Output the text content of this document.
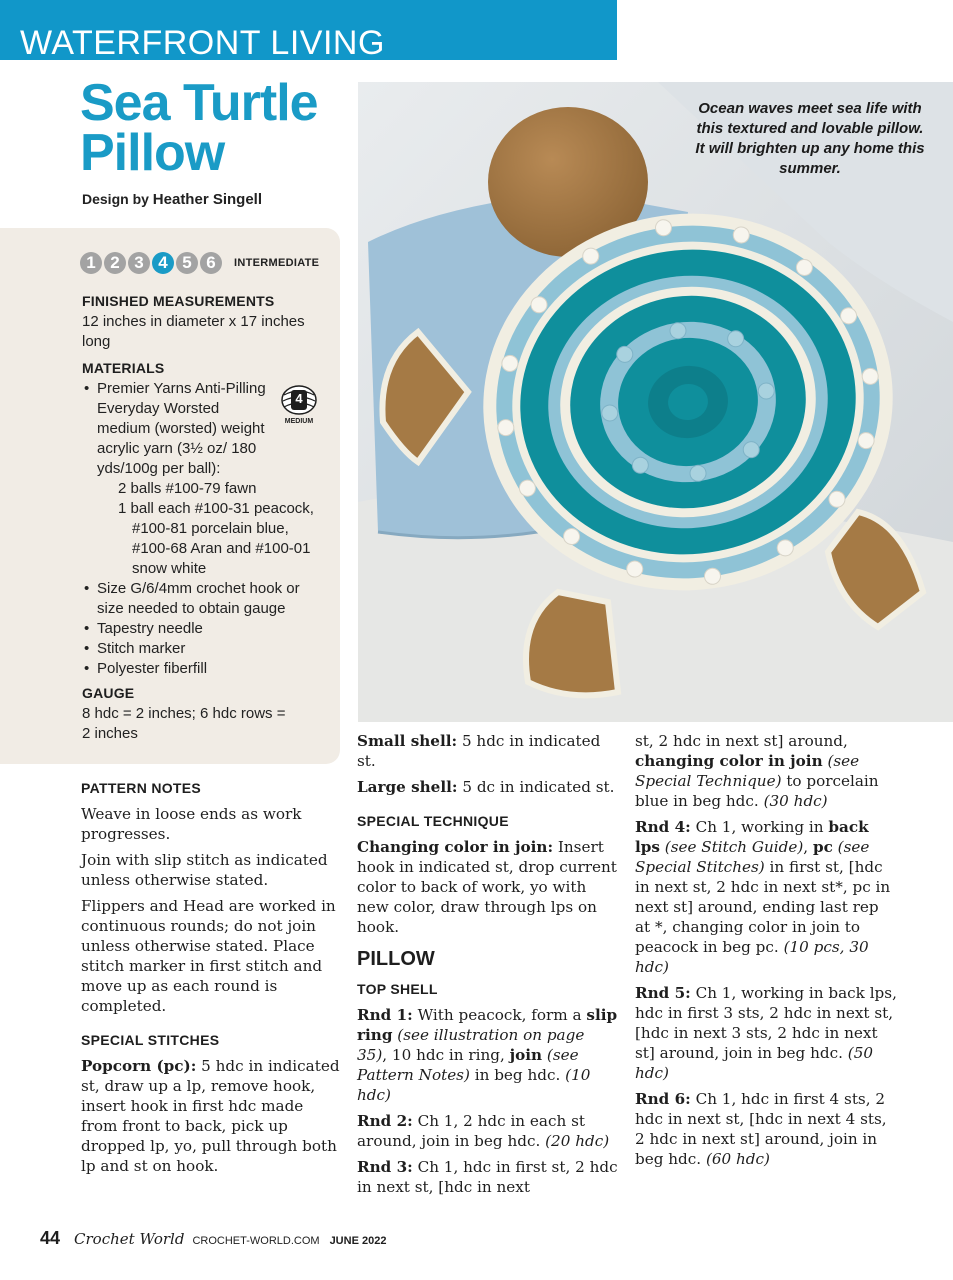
WATERFRONT LIVING
Sea Turtle
Pillow
Design by Heather Singell
1 2 3 4 5 6	INTERMEDIATE
FINISHED MEASUREMENTS
12 inches in diameter x 17 inches
long
MATERIALS
• Premier Yarns Anti-Pilling Everyday Worsted medium (worsted) weight acrylic yarn (3½ oz/ 180 yds/100g per ball):
2 balls #100-79 fawn
1 ball each #100-31 peacock,
#100-81 porcelain blue, #100-68 Aran and #100-01 snow white
• Size G/6/4mm crochet hook or size needed to obtain gauge
• Tapestry needle
• Stitch marker
• Polyester fiberfill
4
MEDIUM
GAUGE
8 hdc = 2 inches; 6 hdc rows =
2 inches
Ocean waves meet sea life with this textured and lovable pillow. It will brighten up any home this summer.
PATTERN NOTES

Weave in loose ends as work progresses.

Join with slip stitch as indicated unless otherwise stated.

Flippers and Head are worked in continuous rounds; do not join unless otherwise stated. Place stitch marker in first stitch and move up as each round is completed.

SPECIAL STITCHES

Popcorn (pc): 5 hdc in indicated st, draw up a lp, remove hook, insert hook in first hdc made from front to back, pick up dropped lp, yo, pull through both lp and st on hook.

Small shell: 5 hdc in indicated st.

Large shell: 5 dc in indicated st.

SPECIAL TECHNIQUE

Changing color in join: Insert hook in indicated st, drop current color to back of work, yo with new color, draw through lps on hook.

PILLOW
TOP SHELL

Rnd 1: With peacock, form a slip ring (see illustration on page 35), 10 hdc in ring, join (see Pattern Notes) in beg hdc. (10 hdc)

Rnd 2: Ch 1, 2 hdc in each st around, join in beg hdc. (20 hdc)

Rnd 3: Ch 1, hdc in first st, 2 hdc in next st, [hdc in next

st, 2 hdc in next st] around, changing color in join (see Special Technique) to porcelain blue in beg hdc. (30 hdc)

Rnd 4: Ch 1, working in back lps (see Stitch Guide), pc (see Special Stitches) in first st, [hdc in next st, 2 hdc in next st*, pc in next st] around, ending last rep at *, changing color in join to peacock in beg pc. (10 pcs, 30 hdc)

Rnd 5: Ch 1, working in back lps, hdc in first 3 sts, 2 hdc in next st, [hdc in next 3 sts, 2 hdc in next st] around, join in beg hdc. (50 hdc)

Rnd 6: Ch 1, hdc in first 4 sts, 2 hdc in next st, [hdc in next 4 sts, 2 hdc in next st] around, join in beg hdc. (60 hdc)

44 Crochet World CROCHET-WORLD.COM JUNE 2022
